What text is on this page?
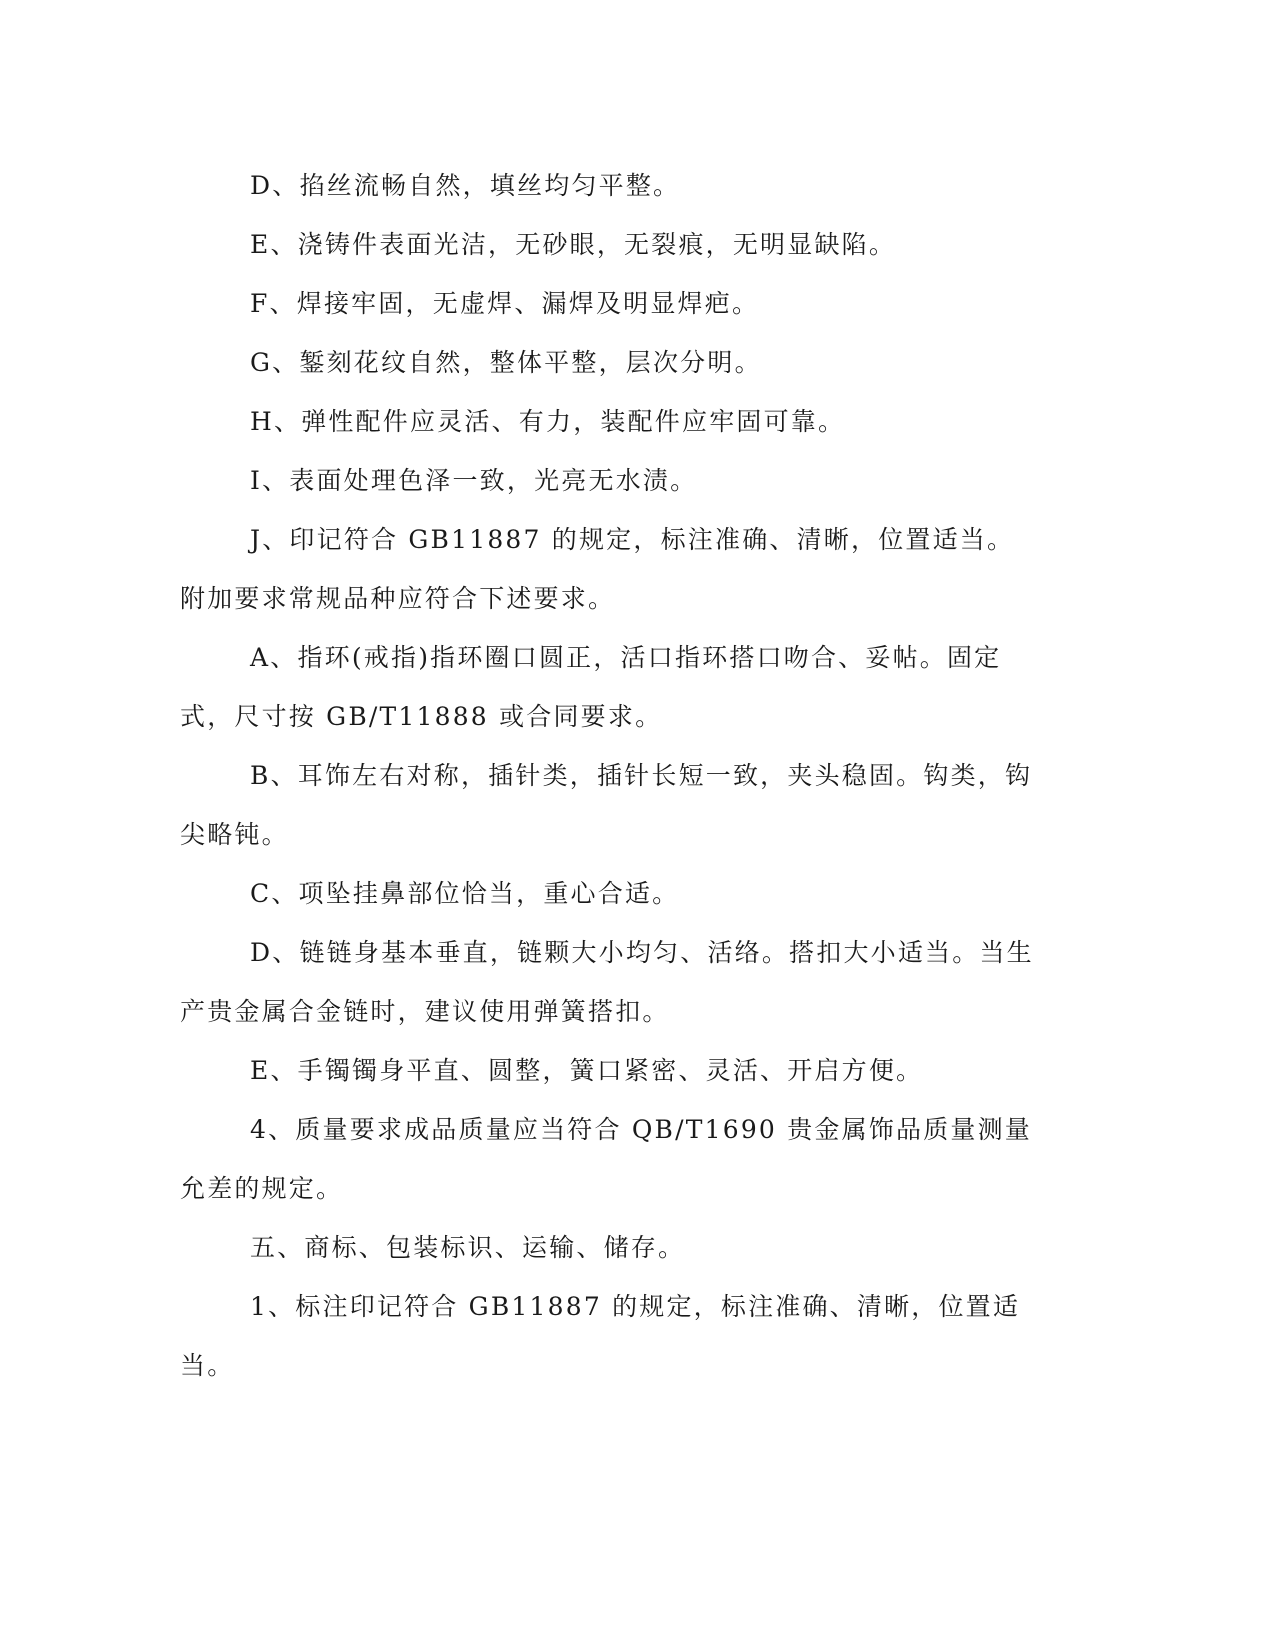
D、掐丝流畅自然，填丝均匀平整。

E、浇铸件表面光洁，无砂眼，无裂痕，无明显缺陷。

F、焊接牢固，无虚焊、漏焊及明显焊疤。

G、錾刻花纹自然，整体平整，层次分明。

H、弹性配件应灵活、有力，装配件应牢固可靠。

I、表面处理色泽一致，光亮无水渍。

J、印记符合 GB11887 的规定，标注准确、清晰，位置适当。附加要求常规品种应符合下述要求。

A、指环(戒指)指环圈口圆正，活口指环搭口吻合、妥帖。固定式，尺寸按 GB/T11888 或合同要求。

B、耳饰左右对称，插针类，插针长短一致，夹头稳固。钩类，钩尖略钝。

C、项坠挂鼻部位恰当，重心合适。

D、链链身基本垂直，链颗大小均匀、活络。搭扣大小适当。当生产贵金属合金链时，建议使用弹簧搭扣。

E、手镯镯身平直、圆整，簧口紧密、灵活、开启方便。

4、质量要求成品质量应当符合 QB/T1690 贵金属饰品质量测量允差的规定。

五、商标、包装标识、运输、储存。

1、标注印记符合 GB11887 的规定，标注准确、清晰，位置适当。
